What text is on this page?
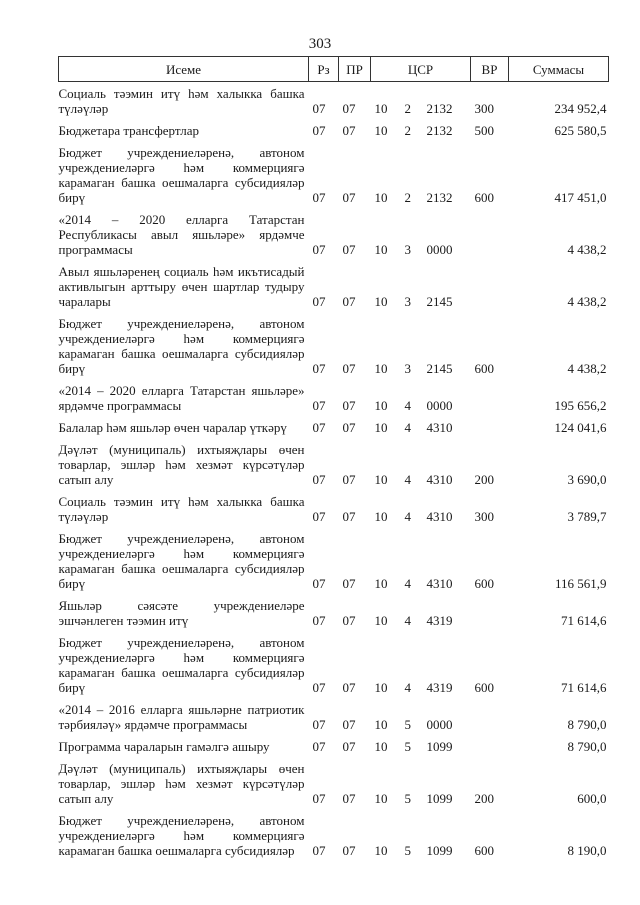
303
Исеме	Рз	ПР	ЦСР			ВР	Суммасы
Социаль тәэмин итү һәм халыкка башка түләүләр	07	07	10	2	2132	300	234 952,4
Бюджетара трансфертлар	07	07	10	2	2132	500	625 580,5
Бюджет учреждениеләренә, автоном учреждениеләргә һәм коммерциягә карамаган башка оешмаларга субсидияләр бирү	07	07	10	2	2132	600	417 451,0
«2014 – 2020 елларга Татарстан Республикасы авыл яшьләре» ярдәмче программасы	07	07	10	3	0000		4 438,2
Авыл яшьләренең социаль һәм икътисадый активлыгын арттыру өчен шартлар тудыру чаралары	07	07	10	3	2145		4 438,2
Бюджет учреждениеләренә, автоном учреждениеләргә һәм коммерциягә карамаган башка оешмаларга субсидияләр бирү	07	07	10	3	2145	600	4 438,2
«2014 – 2020 елларга Татарстан яшьләре» ярдәмче программасы	07	07	10	4	0000		195 656,2
Балалар һәм яшьләр өчен чаралар үткәрү	07	07	10	4	4310		124 041,6
Дәүләт (муниципаль) ихтыяҗлары өчен товарлар, эшләр һәм хезмәт күрсәтүләр сатып алу	07	07	10	4	4310	200	3 690,0
Социаль тәэмин итү һәм халыкка башка түләүләр	07	07	10	4	4310	300	3 789,7
Бюджет учреждениеләренә, автоном учреждениеләргә һәм коммерциягә карамаган башка оешмаларга субсидияләр бирү	07	07	10	4	4310	600	116 561,9
Яшьләр сәясәте учреждениеләре эшчәнлеген тәэмин итү	07	07	10	4	4319		71 614,6
Бюджет учреждениеләренә, автоном учреждениеләргә һәм коммерциягә карамаган башка оешмаларга субсидияләр бирү	07	07	10	4	4319	600	71 614,6
«2014 – 2016 елларга яшьләрне патриотик тәрбияләү» ярдәмче программасы	07	07	10	5	0000		8 790,0
Программа чараларын гамәлгә ашыру	07	07	10	5	1099		8 790,0
Дәүләт (муниципаль) ихтыяҗлары өчен товарлар, эшләр һәм хезмәт күрсәтүләр сатып алу	07	07	10	5	1099	200	600,0
Бюджет учреждениеләренә, автоном учреждениеләргә һәм коммерциягә карамаган башка оешмаларга субсидияләр	07	07	10	5	1099	600	8 190,0
